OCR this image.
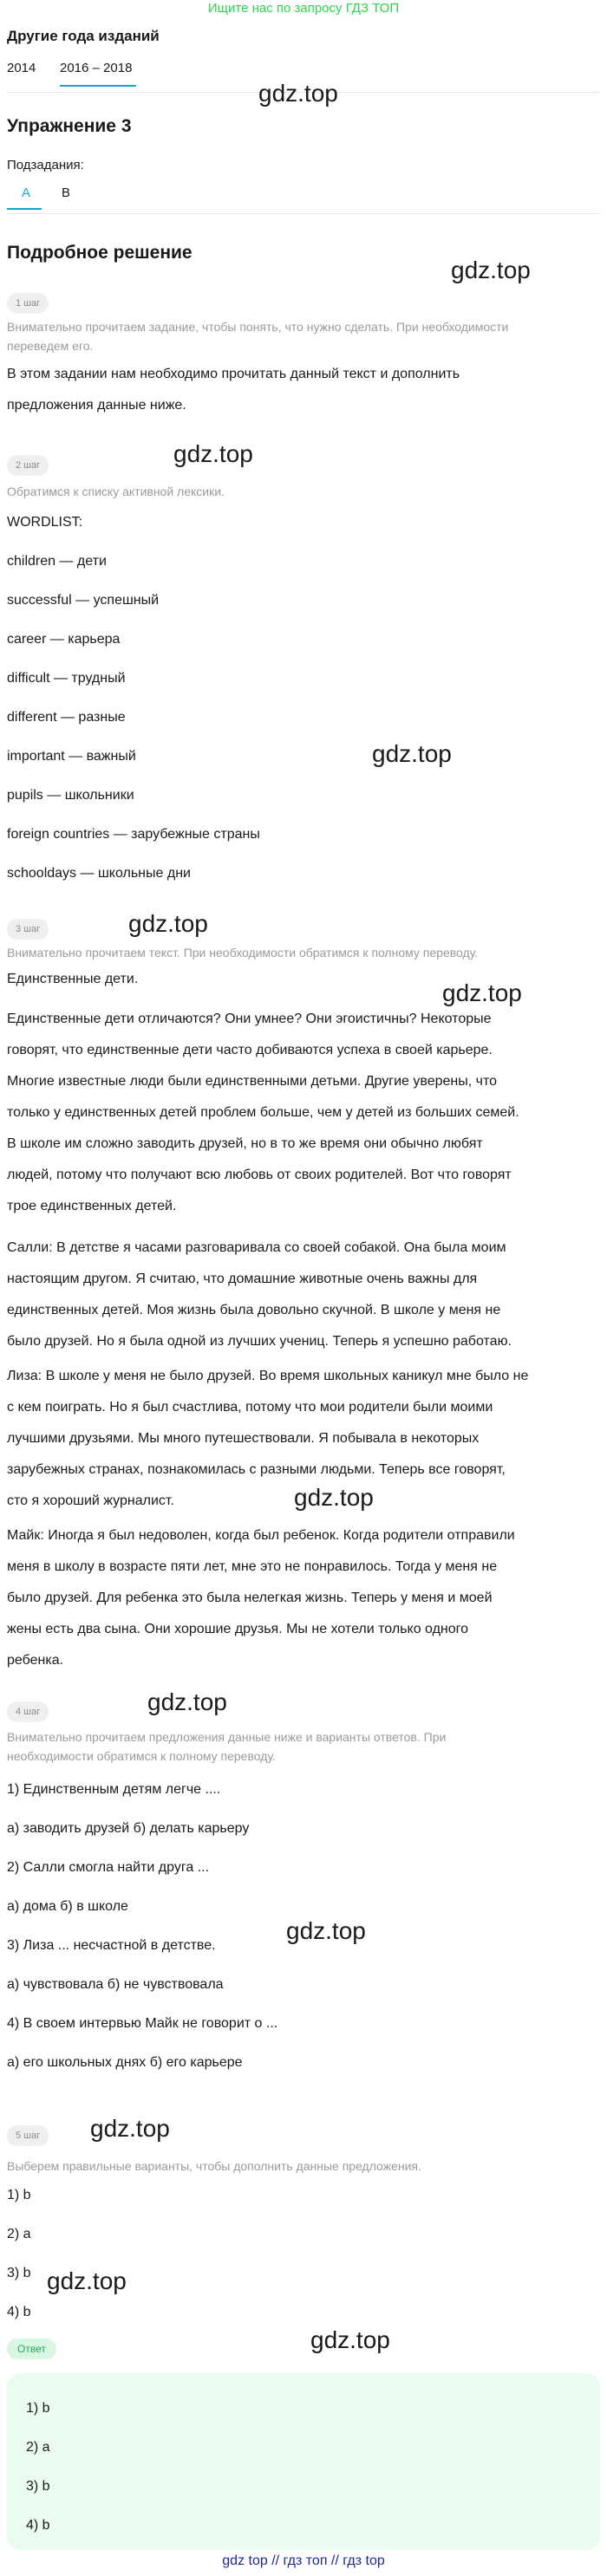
Ищите нас по запросу ГДЗ ТОП
Другие года изданий
2014 2016 – 2018
gdz.top
Упражнение 3
Подзадания:
A B
Подробное решение
1 шаг
gdz.top
Внимательно прочитаем задание, чтобы понять, что нужно сделать. При необходимости
переведем его.
В этом задании нам необходимо прочитать данный текст и дополнить
предложения данные ниже.
2 шаг	gdz.top
Обратимся к списку активной лексики.
WORDLIST:
children — дети
successful — успешный
career — карьера
difficult — трудный
different — разные
important — важный
pupils — школьники
foreign countries — зарубежные страны
schooldays — школьные дни
gdz.top
3 шаг	gdz.top
Внимательно прочитаем текст. При необходимости обратимся к полному переводу.
Единственные дети.
gdz.top
Единственные дети отличаются? Они умнее? Они эгоистичны? Некоторые
говорят, что единственные дети часто добиваются успеха в своей карьере.
Многие известные люди были единственными детьми. Другие уверены, что
только у единственных детей проблем больше, чем у детей из больших семей.
В школе им сложно заводить друзей, но в то же время они обычно любят
людей, потому что получают всю любовь от своих родителей. Вот что говорят
трое единственных детей.
Салли: В детстве я часами разговаривала со своей собакой. Она была моим
настоящим другом. Я считаю, что домашние животные очень важны для
единственных детей. Моя жизнь была довольно скучной. В школе у меня не
было друзей. Но я была одной из лучших учениц. Теперь я успешно работаю.
Лиза: В школе у меня не было друзей. Во время школьных каникул мне было не
с кем поиграть. Но я был счастлива, потому что мои родители были моими
лучшими друзьями. Мы много путешествовали. Я побывала в некоторых
зарубежных странах, познакомилась с разными людьми. Теперь все говорят,
сто я хороший журналист.	gdz.top
Майк: Иногда я был недоволен, когда был ребенок. Когда родители отправили
меня в школу в возрасте пяти лет, мне это не понравилось. Тогда у меня не
было друзей. Для ребенка это была нелегкая жизнь. Теперь у меня и моей
жены есть два сына. Они хорошие друзья. Мы не хотели только одного
ребенка.
4 шаг	gdz.top
Внимательно прочитаем предложения данные ниже и варианты ответов. При
необходимости обратимся к полному переводу.
1) Единственным детям легче ....
а) заводить друзей б) делать карьеру
2) Салли смогла найти друга ...
а) дома б) в школе
3) Лиза ... несчастной в детстве.
а) чувствовала б) не чувствовала
4) В своем интервью Майк не говорит о ...
а) его школьных днях б) его карьере
gdz.top
5 шаг	gdz.top
Выберем правильные варианты, чтобы дополнить данные предложения.
1) b
2) a
3) b
4) b
gdz.top
gdz.top
Ответ
1) b
2) a
3) b
4) b
gdz top // гдз топ // гдз top
